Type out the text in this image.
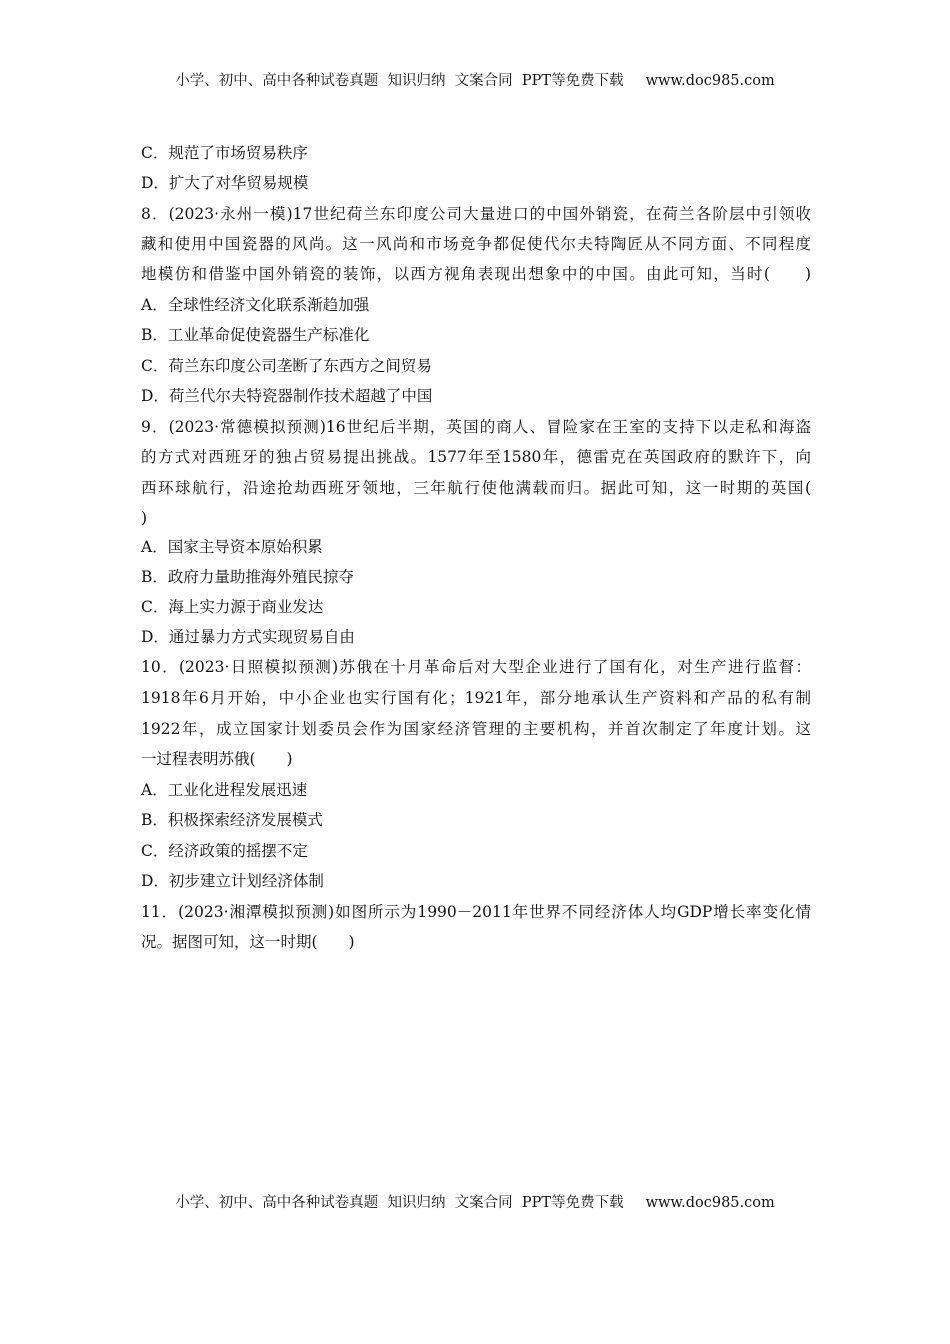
小学、初中、高中各种试卷真题  知识归纳  文案合同  PPT等免费下载 www.doc985.com
C．规范了市场贸易秩序
D．扩大了对华贸易规模
8．(2023·永州一模)17世纪荷兰东印度公司大量进口的中国外销瓷，在荷兰各阶层中引领收
藏和使用中国瓷器的风尚。这一风尚和市场竞争都促使代尔夫特陶匠从不同方面、不同程度
地模仿和借鉴中国外销瓷的装饰，以西方视角表现出想象中的中国。由此可知，当时(　　)
A．全球性经济文化联系渐趋加强
B．工业革命促使瓷器生产标准化
C．荷兰东印度公司垄断了东西方之间贸易
D．荷兰代尔夫特瓷器制作技术超越了中国
9．(2023·常德模拟预测)16世纪后半期，英国的商人、冒险家在王室的支持下以走私和海盗
的方式对西班牙的独占贸易提出挑战。1577年至1580年，德雷克在英国政府的默许下，向
西环球航行，沿途抢劫西班牙领地，三年航行使他满载而归。据此可知，这一时期的英国(
)
A．国家主导资本原始积累
B．政府力量助推海外殖民掠夺
C．海上实力源于商业发达
D．通过暴力方式实现贸易自由
10．(2023·日照模拟预测)苏俄在十月革命后对大型企业进行了国有化，对生产进行监督：
1918年6月开始，中小企业也实行国有化；1921年，部分地承认生产资料和产品的私有制
1922年，成立国家计划委员会作为国家经济管理的主要机构，并首次制定了年度计划。这
一过程表明苏俄(　　)
A．工业化进程发展迅速
B．积极探索经济发展模式
C．经济政策的摇摆不定
D．初步建立计划经济体制
11．(2023·湘潭模拟预测)如图所示为1990－2011年世界不同经济体人均GDP增长率变化情
况。据图可知，这一时期(　　)
小学、初中、高中各种试卷真题  知识归纳  文案合同  PPT等免费下载 www.doc985.com
